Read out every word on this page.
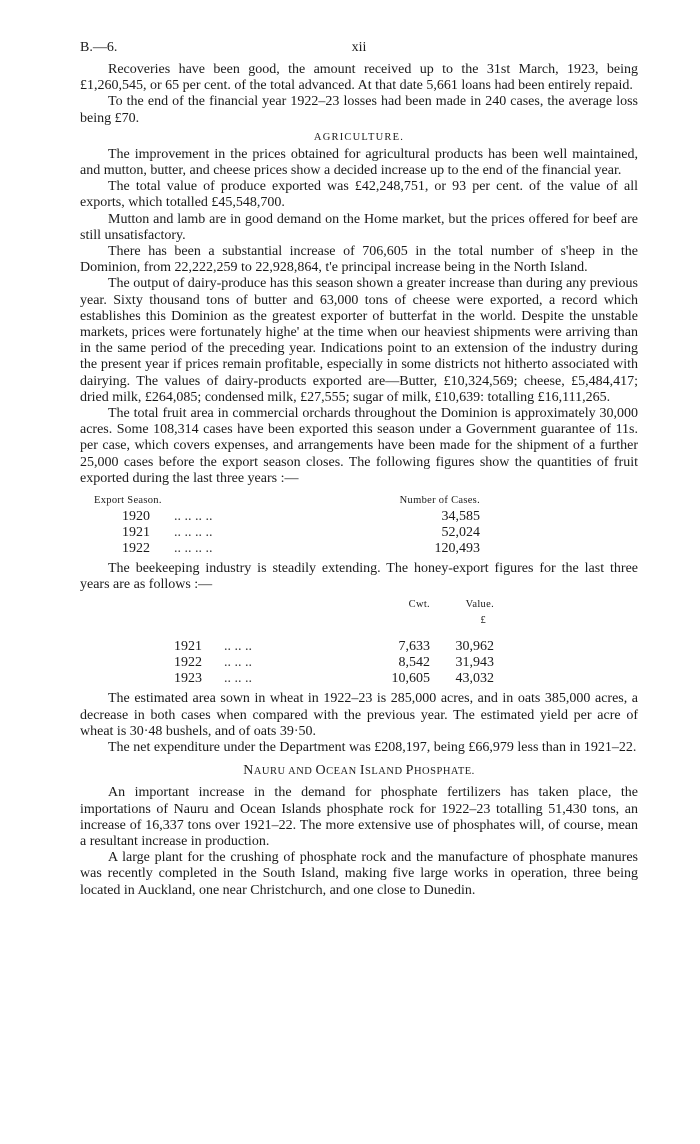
B.—6.	xii

Recoveries have been good, the amount received up to the 31st March, 1923, being £1,260,545, or 65 per cent. of the total advanced. At that date 5,661 loans had been entirely repaid.

To the end of the financial year 1922–23 losses had been made in 240 cases, the average loss being £70.

AGRICULTURE.

The improvement in the prices obtained for agricultural products has been well maintained, and mutton, butter, and cheese prices show a decided increase up to the end of the financial year.

The total value of produce exported was £42,248,751, or 93 per cent. of the value of all exports, which totalled £45,548,700.

Mutton and lamb are in good demand on the Home market, but the prices offered for beef are still unsatisfactory.

There has been a substantial increase of 706,605 in the total number of s'heep in the Dominion, from 22,222,259 to 22,928,864, t'e principal increase being in the North Island.

The output of dairy-produce has this season shown a greater increase than during any previous year. Sixty thousand tons of butter and 63,000 tons of cheese were exported, a record which establishes this Dominion as the greatest exporter of butterfat in the world. Despite the unstable markets, prices were fortunately highe' at the time when our heaviest shipments were arriving than in the same period of the preceding year. Indications point to an extension of the industry during the present year if prices remain profitable, especially in some districts not hitherto associated with dairying. The values of dairy-products exported are—Butter, £10,324,569; cheese, £5,484,417; dried milk, £264,085; condensed milk, £27,555; sugar of milk, £10,639: totalling £16,111,265.

The total fruit area in commercial orchards throughout the Dominion is approximately 30,000 acres. Some 108,314 cases have been exported this season under a Government guarantee of 11s. per case, which covers expenses, and arrangements have been made for the shipment of a further 25,000 cases before the export season closes. The following figures show the quantities of fruit exported during the last three years :—

Export Season.	Number of Cases.
1920 .. .. .. ..	34,585
1921 .. .. .. ..	52,024
1922 .. .. .. ..	120,493

The beekeeping industry is steadily extending. The honey-export figures for the last three years are as follows :—

	Cwt.	Value.
		£

1921 .. .. ..	7,633	30,962
1922 .. .. ..	8,542	31,943
1923 .. .. ..	10,605	43,032

The estimated area sown in wheat in 1922–23 is 285,000 acres, and in oats 385,000 acres, a decrease in both cases when compared with the previous year. The estimated yield per acre of wheat is 30·48 bushels, and of oats 39·50.

The net expenditure under the Department was £208,197, being £66,979 less than in 1921–22.

NAURU AND OCEAN ISLAND PHOSPHATE.

An important increase in the demand for phosphate fertilizers has taken place, the importations of Nauru and Ocean Islands phosphate rock for 1922–23 totalling 51,430 tons, an increase of 16,337 tons over 1921–22. The more extensive use of phosphates will, of course, mean a resultant increase in production.

A large plant for the crushing of phosphate rock and the manufacture of phosphate manures was recently completed in the South Island, making five large works in operation, three being located in Auckland, one near Christchurch, and one close to Dunedin.
